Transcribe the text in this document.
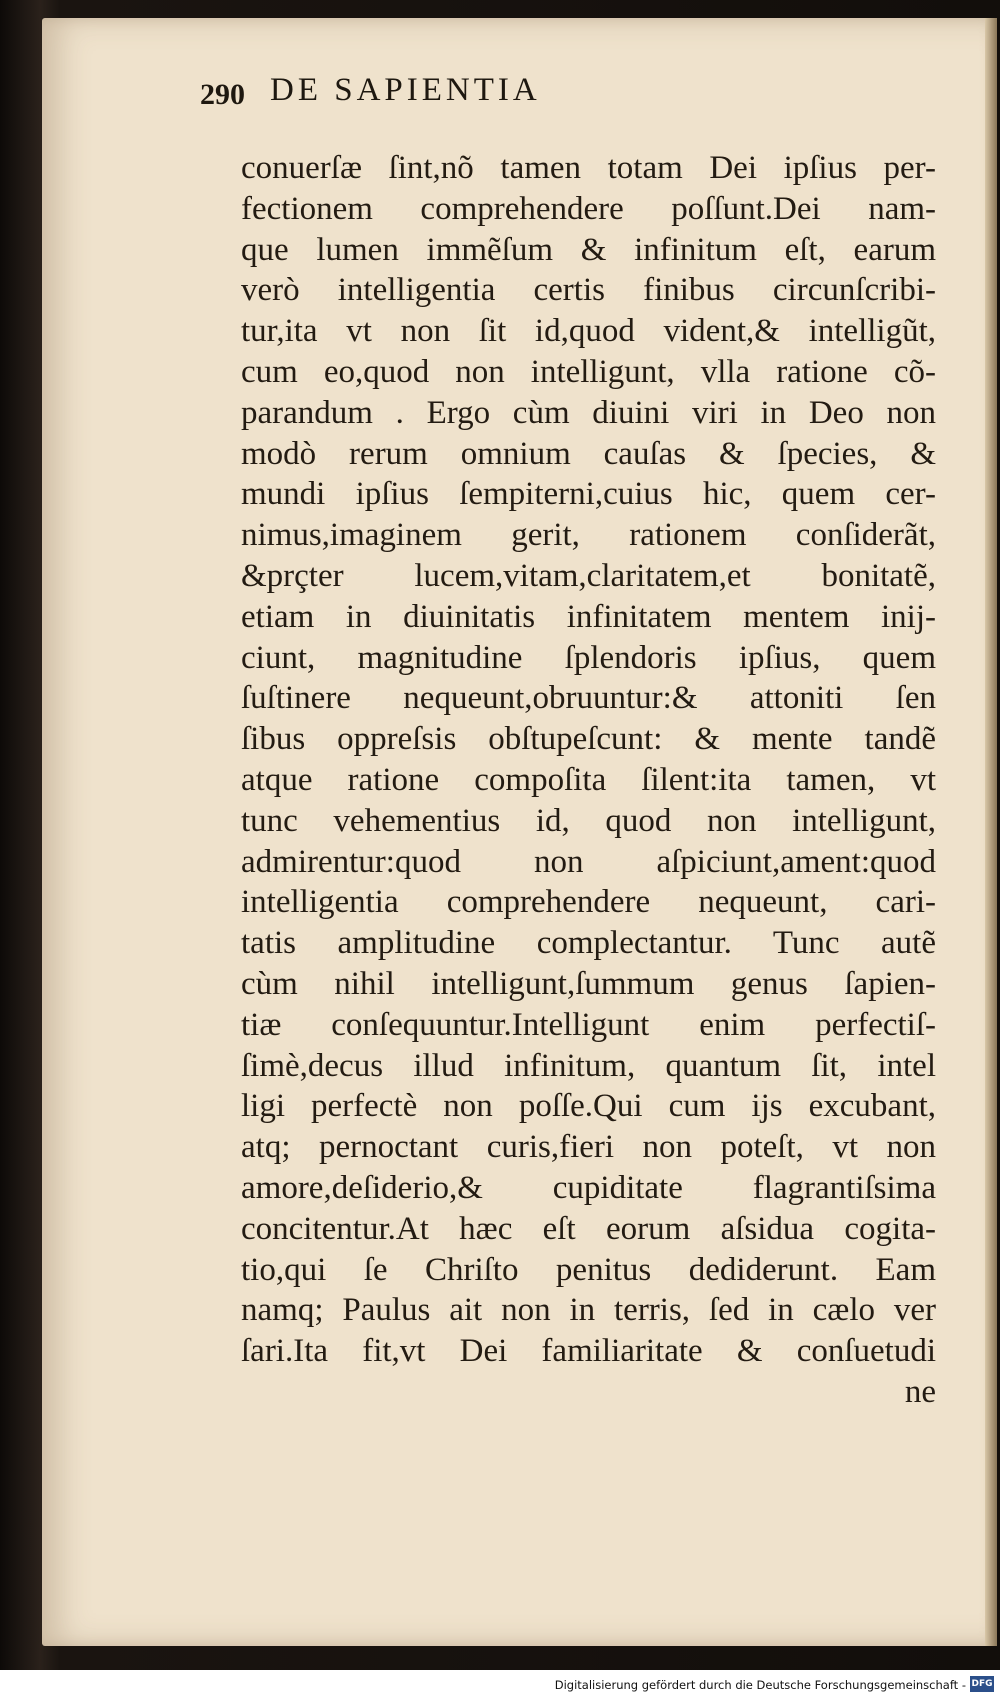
290 DE SAPIENTIA
conuerſæ ſint,nõ tamen totam Dei ipſius per-
fectionem comprehendere poſſunt.Dei nam-
que lumen immẽſum & infinitum eſt, earum
verò intelligentia certis finibus circunſcribi-
tur,ita vt non ſit id,quod vident,& intelligũt,
cum eo,quod non intelligunt, vlla ratione cõ-
parandum . Ergo cùm diuini viri in Deo non
modò rerum omnium cauſas & ſpecies, &
mundi ipſius ſempiterni,cuius hic, quem cer-
nimus,imaginem gerit, rationem conſiderãt,
&prçter lucem,vitam,claritatem,et bonitatẽ,
etiam in diuinitatis infinitatem mentem inij-
ciunt, magnitudine ſplendoris ipſius, quem
ſuſtinere nequeunt,obruuntur:& attoniti ſen
ſibus oppreſsis obſtupeſcunt: & mente tandẽ
atque ratione compoſita ſilent:ita tamen, vt
tunc vehementius id, quod non intelligunt,
admirentur:quod non aſpiciunt,ament:quod
intelligentia comprehendere nequeunt, cari-
tatis amplitudine complectantur. Tunc autẽ
cùm nihil intelligunt,ſummum genus ſapien-
tiæ conſequuntur.Intelligunt enim perfectiſ-
ſimè,decus illud infinitum, quantum ſit, intel
ligi perfectè non poſſe.Qui cum ijs excubant,
atq; pernoctant curis,fieri non poteſt, vt non
amore,deſiderio,& cupiditate flagrantiſsima
concitentur.At hæc eſt eorum aſsidua cogita-
tio,qui ſe Chriſto penitus dediderunt. Eam
namq; Paulus ait non in terris, ſed in cælo ver
ſari.Ita fit,vt Dei familiaritate & conſuetudi
ne
Digitalisierung gefördert durch die Deutsche Forschungsgemeinschaft - DFG
